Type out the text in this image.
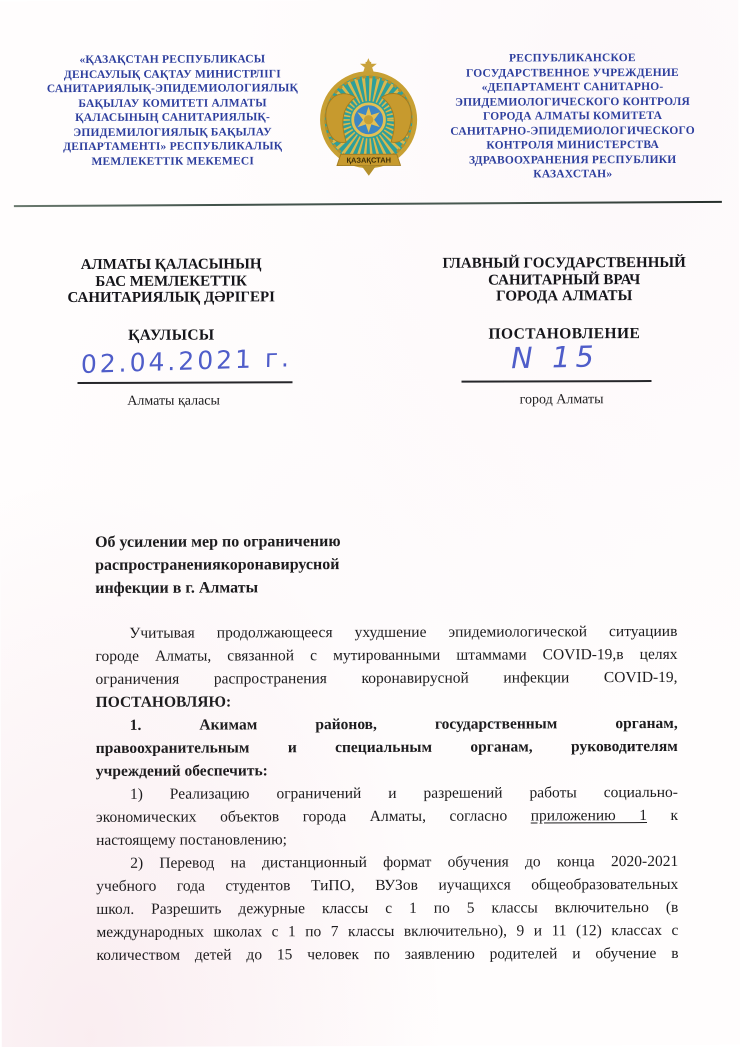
«ҚАЗАҚСТАН РЕСПУБЛИКАСЫ
ДЕНСАУЛЫҚ САҚТАУ МИНИСТРЛІГІ
САНИТАРИЯЛЫҚ-ЭПИДЕМИОЛОГИЯЛЫҚ
БАҚЫЛАУ КОМИТЕТІ АЛМАТЫ
ҚАЛАСЫНЫҢ САНИТАРИЯЛЫҚ-
ЭПИДЕМИЛОГИЯЛЫҚ БАҚЫЛАУ
ДЕПАРТАМЕНТІ» РЕСПУБЛИКАЛЫҚ
МЕМЛЕКЕТТІК МЕКЕМЕСІ	ҚАЗАҚСТАН
РЕСПУБЛИКАНСКОЕ
ГОСУДАРСТВЕННОЕ УЧРЕЖДЕНИЕ
«ДЕПАРТАМЕНТ САНИТАРНО-
ЭПИДЕМИОЛОГИЧЕСКОГО КОНТРОЛЯ
ГОРОДА АЛМАТЫ КОМИТЕТА
САНИТАРНО-ЭПИДЕМИОЛОГИЧЕСКОГО
КОНТРОЛЯ МИНИСТЕРСТВА
ЗДРАВООХРАНЕНИЯ РЕСПУБЛИКИ
КАЗАХСТАН»
АЛМАТЫ ҚАЛАСЫНЫҢ
БАС МЕМЛЕКЕТТІК
САНИТАРИЯЛЫҚ ДӘРІГЕРІ
ҚАУЛЫСЫ
ГЛАВНЫЙ ГОСУДАРСТВЕННЫЙ
САНИТАРНЫЙ ВРАЧ
ГОРОДА АЛМАТЫ
ПОСТАНОВЛЕНИЕ
02.04.2021 г.	N 15
Алматы қаласы	город Алматы
Об усилении мер по ограничению
распространениякоронавирусной
инфекции в г. Алматы
Учитывая продолжающееся ухудшение эпидемиологической ситуациив
городе Алматы, связанной с мутированными штаммами COVID-19,в целях
ограничения распространения коронавирусной инфекции COVID-19,
ПОСТАНОВЛЯЮ:
1. Акимам районов, государственным органам,
правоохранительным и специальным органам, руководителям
учреждений обеспечить:
1) Реализацию ограничений и разрешений работы социально-
экономических объектов города Алматы, согласно приложению 1 к
настоящему постановлению;
2) Перевод на дистанционный формат обучения до конца 2020-2021
учебного года студентов ТиПО, ВУЗов иучащихся общеобразовательных
школ. Разрешить дежурные классы с 1 по 5 классы включительно (в
международных школах с 1 по 7 классы включительно), 9 и 11 (12) классах с
количеством детей до 15 человек по заявлению родителей и обучение в
